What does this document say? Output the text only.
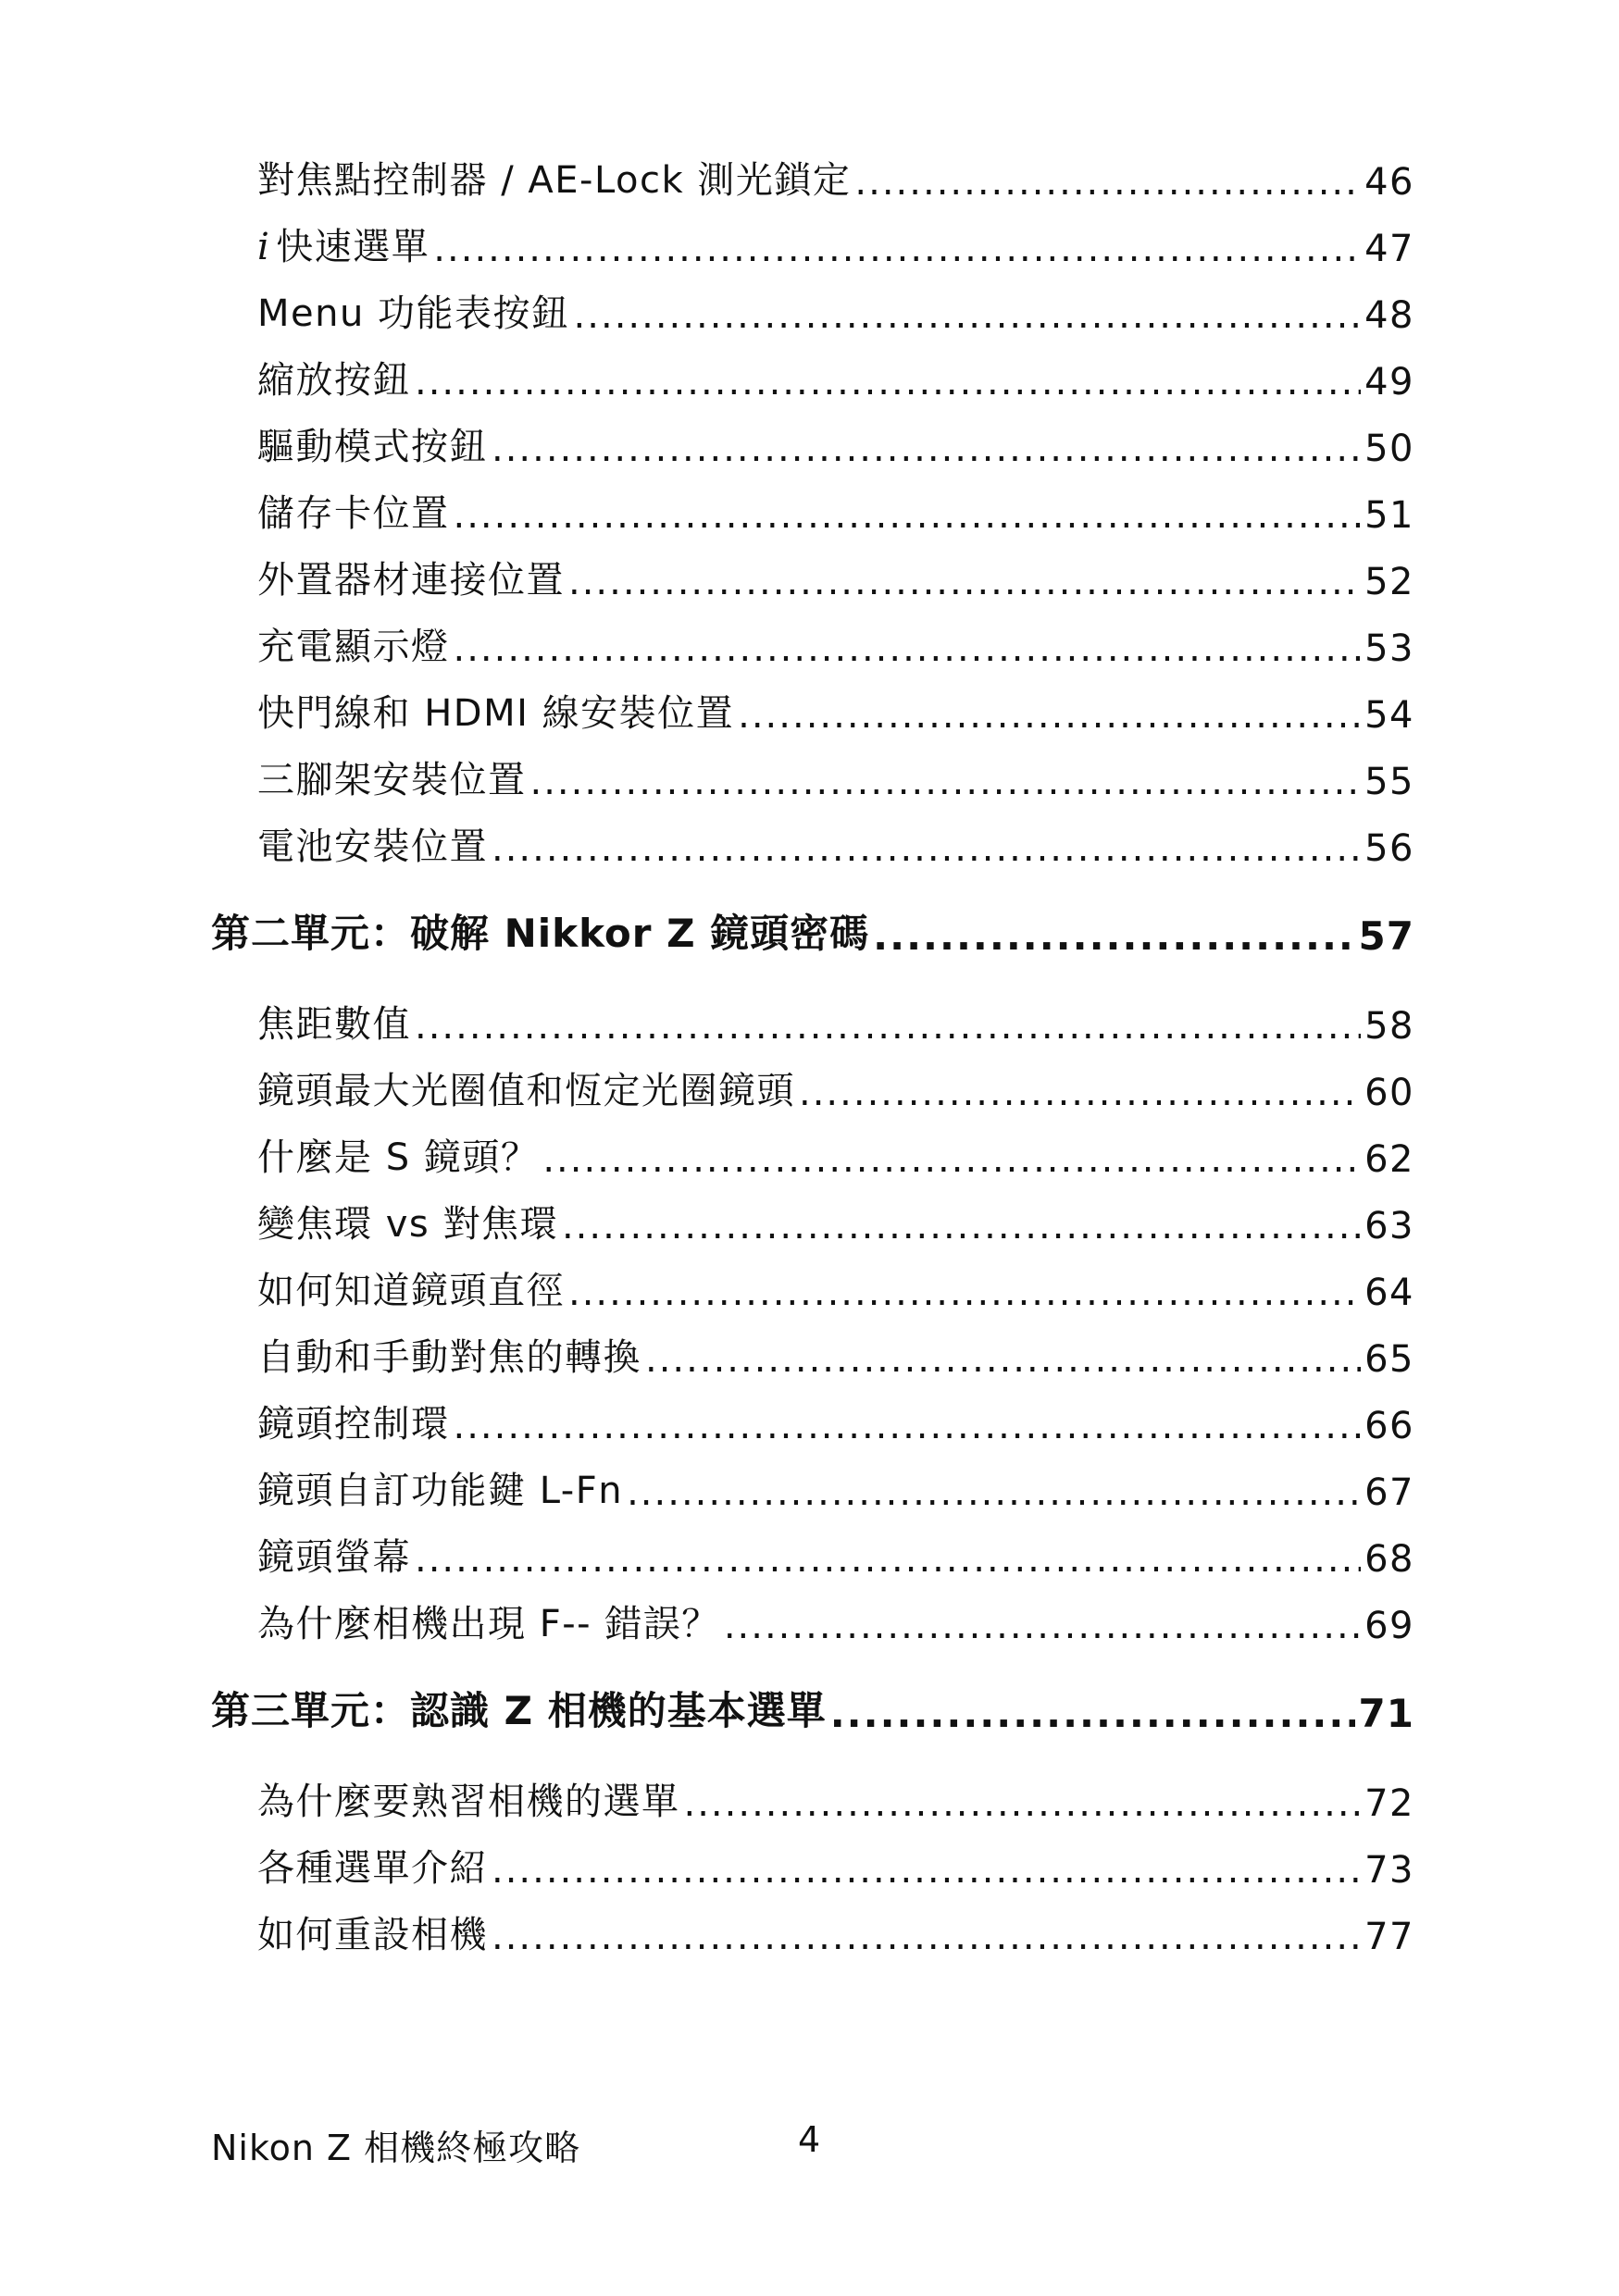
對焦點控制器 / AE-Lock 測光鎖定 .....	46
i 快速選單 .....	47
Menu 功能表按鈕 .....	48
縮放按鈕 .....	49
驅動模式按鈕 .....	50
儲存卡位置 .....	51
外置器材連接位置 .....	52
充電顯示燈 .....	53
快門線和 HDMI 線安裝位置 .....	54
三腳架安裝位置 .....	55
電池安裝位置 .....	56
第二單元：破解 Nikkor Z 鏡頭密碼 .....	57
焦距數值 .....	58
鏡頭最大光圈值和恆定光圈鏡頭 .....	60
什麼是 S 鏡頭？ .....	62
變焦環 vs 對焦環 .....	63
如何知道鏡頭直徑 .....	64
自動和手動對焦的轉換 .....	65
鏡頭控制環 .....	66
鏡頭自訂功能鍵 L-Fn .....	67
鏡頭螢幕 .....	68
為什麼相機出現 F-- 錯誤？ .....	69
第三單元：認識 Z 相機的基本選單 .....	71
為什麼要熟習相機的選單 .....	72
各種選單介紹 .....	73
如何重設相機 .....	77
Nikon Z 相機終極攻略	4
